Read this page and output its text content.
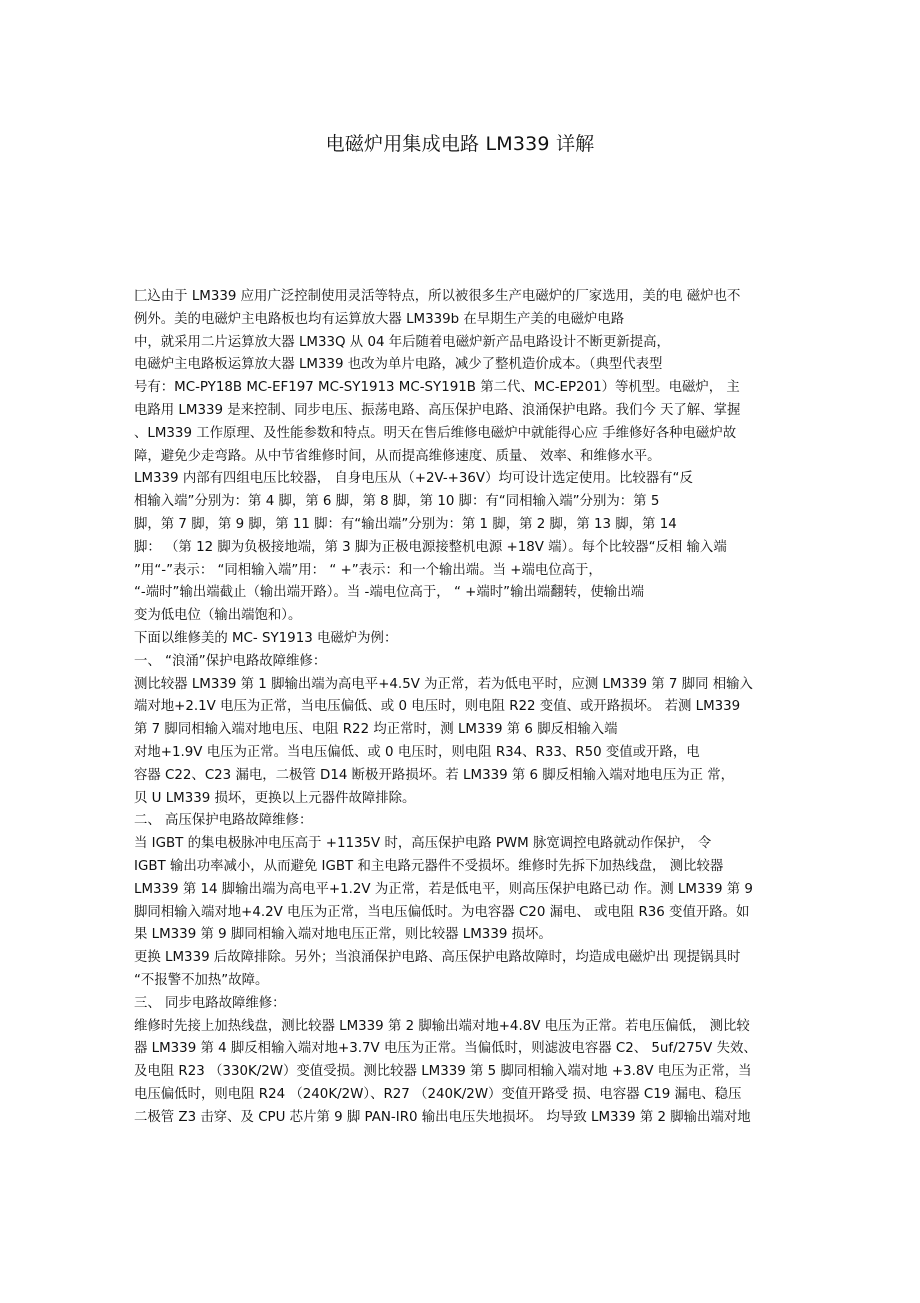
电磁炉用集成电路 LM339 详解
匚込由于 LM339 应用广泛控制使用灵活等特点，所以被很多生产电磁炉的厂家选用，美的电 磁炉也不
例外。美的电磁炉主电路板也均有运算放大器 LM339b 在早期生产美的电磁炉电路
中，就采用二片运算放大器 LM33Q 从 04 年后随着电磁炉新产品电路设计不断更新提高，
电磁炉主电路板运算放大器 LM339 也改为单片电路，减少了整机造价成本。（典型代表型
号有：MC-PY18B MC-EF197 MC-SY1913 MC-SY191B 第二代、MC-EP201）等机型。电磁炉， 主
电路用 LM339 是来控制、同步电压、振荡电路、高压保护电路、浪涌保护电路。我们今 天了解、掌握
、LM339 工作原理、及性能参数和特点。明天在售后维修电磁炉中就能得心应 手维修好各种电磁炉故
障，避免少走弯路。从中节省维修时间，从而提高维修速度、质量、 效率、和维修水平。
LM339 内部有四组电压比较器， 自身电压从（+2V-+36V）均可设计选定使用。比较器有“反
相输入端”分别为：第 4 脚，第 6 脚，第 8 脚，第 10 脚：有“同相输入端”分别为：第 5
脚，第 7 脚，第 9 脚，第 11 脚：有“输出端”分别为：第 1 脚，第 2 脚，第 13 脚，第 14
脚： （第 12 脚为负极接地端，第 3 脚为正极电源接整机电源 +18V 端）。每个比较器“反相 输入端
”用“-”表示： “同相输入端”用： “ +”表示：和一个输出端。当 +端电位高于，
“-端时”输出端截止（输出端开路）。当 -端电位高于， “ +端时”输出端翻转，使输出端
变为低电位（输出端饱和）。
下面以维修美的 MC- SY1913 电磁炉为例：
一、 “浪涌”保护电路故障维修：
测比较器 LM339 第 1 脚输出端为高电平+4.5V 为正常，若为低电平时，应测 LM339 第 7 脚同 相输入
端对地+2.1V 电压为正常，当电压偏低、或 0 电压时，则电阻 R22 变值、或开路损坏。 若测 LM339
第 7 脚同相输入端对地电压、电阻 R22 均正常时，测 LM339 第 6 脚反相输入端
对地+1.9V 电压为正常。当电压偏低、或 0 电压时，则电阻 R34、R33、R50 变值或开路，电
容器 C22、C23 漏电，二极管 D14 断极开路损坏。若 LM339 第 6 脚反相输入端对地电压为正 常，
贝 U LM339 损坏，更换以上元器件故障排除。
二、 高压保护电路故障维修：
当 IGBT 的集电极脉冲电压高于 +1135V 时，高压保护电路 PWM 脉宽调控电路就动作保护， 令
IGBT 输出功率减小，从而避免 IGBT 和主电路元器件不受损坏。维修时先拆下加热线盘， 测比较器
LM339 第 14 脚输出端为高电平+1.2V 为正常，若是低电平，则高压保护电路已动 作。测 LM339 第 9
脚同相输入端对地+4.2V 电压为正常，当电压偏低时。为电容器 C20 漏电、 或电阻 R36 变值开路。如
果 LM339 第 9 脚同相输入端对地电压正常，则比较器 LM339 损坏。
更换 LM339 后故障排除。另外；当浪涌保护电路、高压保护电路故障时，均造成电磁炉出 现提锅具时
“不报警不加热”故障。
三、 同步电路故障维修：
维修时先接上加热线盘，测比较器 LM339 第 2 脚输出端对地+4.8V 电压为正常。若电压偏低， 测比较
器 LM339 第 4 脚反相输入端对地+3.7V 电压为正常。当偏低时，则滤波电容器 C2、 5uf/275V 失效、
及电阻 R23 （330K/2W）变值受损。测比较器 LM339 第 5 脚同相输入端对地 +3.8V 电压为正常，当
电压偏低时，则电阻 R24 （240K/2W）、R27 （240K/2W）变值开路受 损、电容器 C19 漏电、稳压
二极管 Z3 击穿、及 CPU 芯片第 9 脚 PAN-IR0 输出电压失地损坏。 均导致 LM339 第 2 脚输出端对地
